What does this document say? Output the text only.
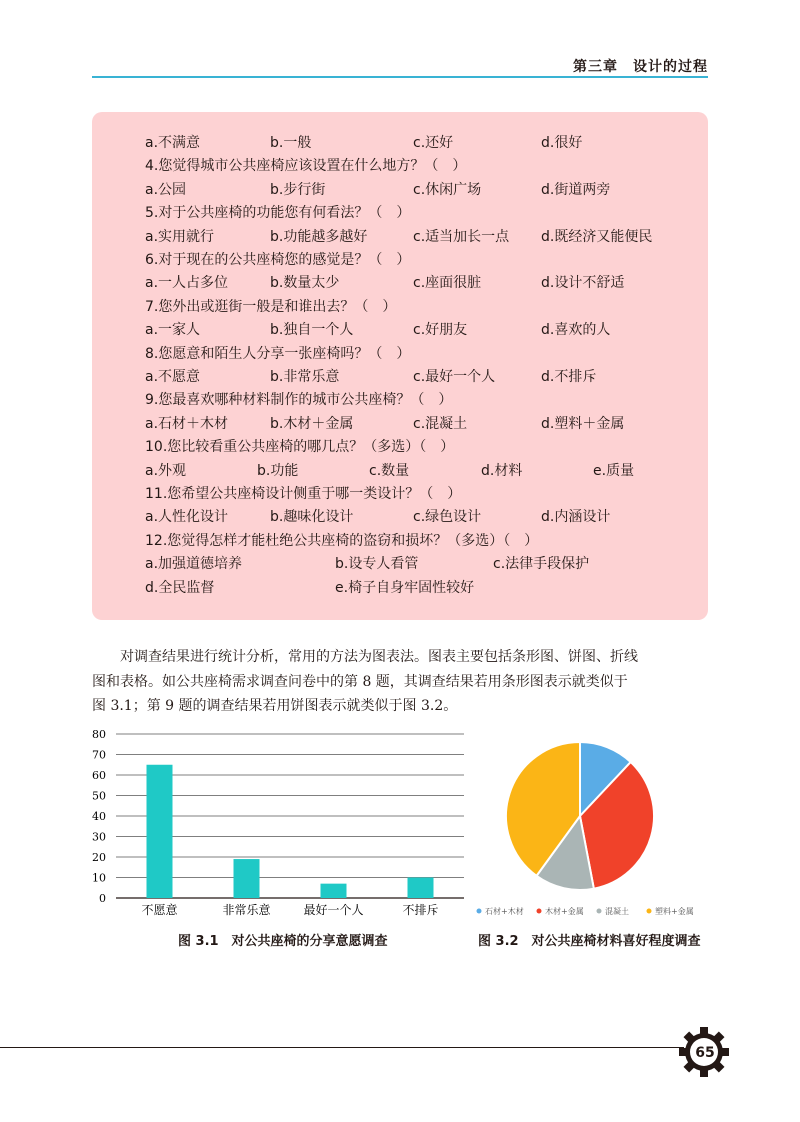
第三章　设计的过程
a.不满意	b.一般	c.还好	d.很好
4.您觉得城市公共座椅应该设置在什么地方？（　）
a.公园	b.步行街	c.休闲广场	d.街道两旁
5.对于公共座椅的功能您有何看法？（　）
a.实用就行	b.功能越多越好	c.适当加长一点 d.既经济又能便民
6.对于现在的公共座椅您的感觉是？（　）
a.一人占多位	b.数量太少	c.座面很脏	d.设计不舒适
7.您外出或逛街一般是和谁出去？（　）
a.一家人	b.独自一个人	c.好朋友	d.喜欢的人
8.您愿意和陌生人分享一张座椅吗？（　）
a.不愿意	b.非常乐意	c.最好一个人	d.不排斥
9.您最喜欢哪种材料制作的城市公共座椅？（　）
a.石材＋木材	b.木材＋金属	c.混凝土	d.塑料＋金属
10.您比较看重公共座椅的哪几点？（多选）（　）
a.外观	b.功能	c.数量	d.材料	e.质量
11.您希望公共座椅设计侧重于哪一类设计？（　）
a.人性化设计	b.趣味化设计	c.绿色设计	d.内涵设计
12.您觉得怎样才能杜绝公共座椅的盗窃和损坏？（多选）（　）
a.加强道德培养	b.设专人看管	c.法律手段保护
d.全民监督	e.椅子自身牢固性较好
　　对调查结果进行统计分析，常用的方法为图表法。图表主要包括条形图、饼图、折线
图和表格。如公共座椅需求调查问卷中的第 8 题，其调查结果若用条形图表示就类似于
图 3.1；第 9 题的调查结果若用饼图表示就类似于图 3.2。
0
10
20
30
40
50
60
70
80
不愿意	非常乐意	最好一个人	不排斥
图 3.1　对公共座椅的分享意愿调查
石材+木材	木材+金属	混凝土	塑料+金属
图 3.2　对公共座椅材料喜好程度调查
65
